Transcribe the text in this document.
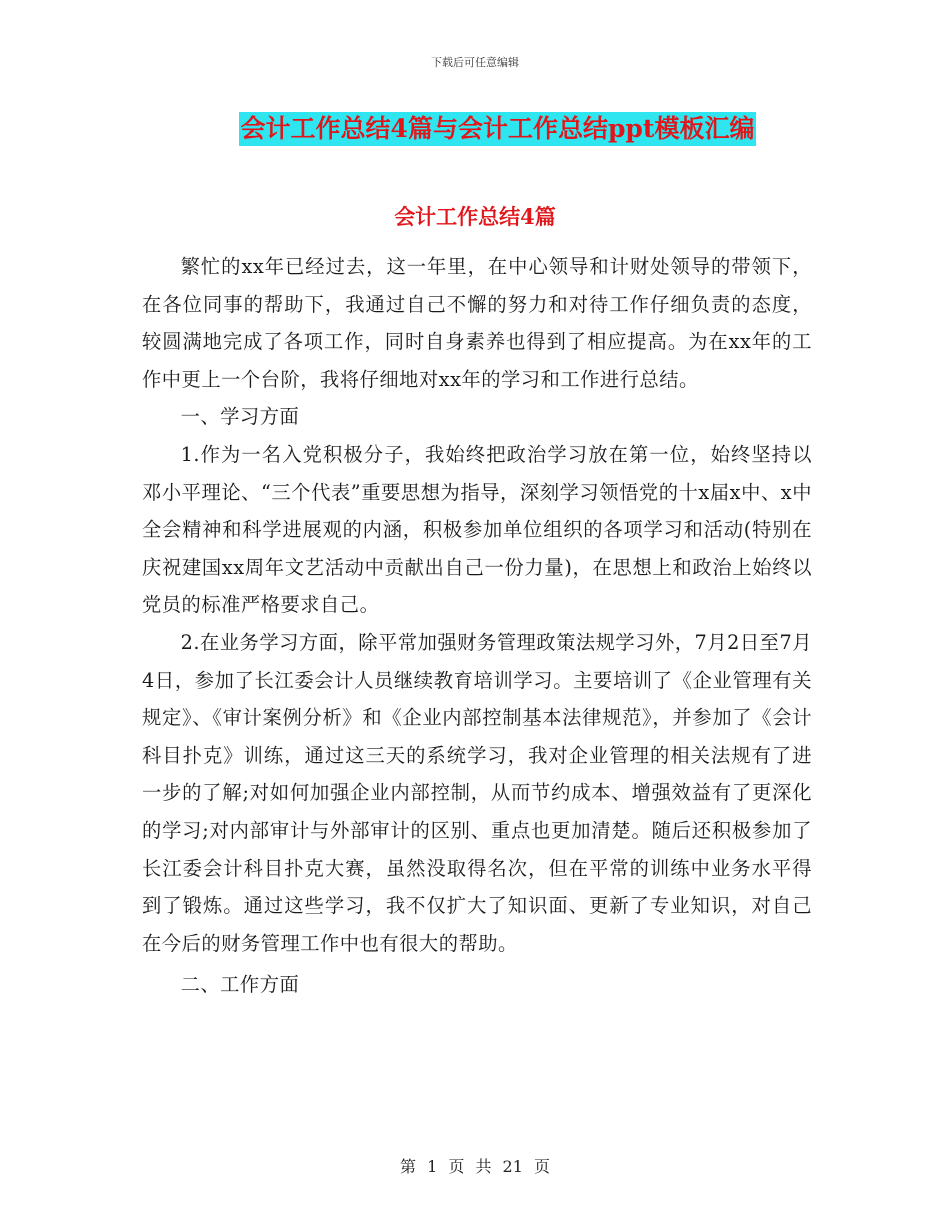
下载后可任意编辑
会计工作总结4篇与会计工作总结ppt模板汇编
会计工作总结4篇

繁忙的xx年已经过去，这一年里，在中心领导和计财处领导的带领下，在各位同事的帮助下，我通过自己不懈的努力和对待工作仔细负责的态度，较圆满地完成了各项工作，同时自身素养也得到了相应提高。为在xx年的工作中更上一个台阶，我将仔细地对xx年的学习和工作进行总结。

一、学习方面

1.作为一名入党积极分子，我始终把政治学习放在第一位，始终坚持以邓小平理论、“三个代表”重要思想为指导，深刻学习领悟党的十x届x中、x中全会精神和科学进展观的内涵，积极参加单位组织的各项学习和活动(特别在庆祝建国xx周年文艺活动中贡献出自己一份力量)，在思想上和政治上始终以党员的标准严格要求自己。

2.在业务学习方面，除平常加强财务管理政策法规学习外，7月2日至7月4日，参加了长江委会计人员继续教育培训学习。主要培训了《企业管理有关规定》、《审计案例分析》和《企业内部控制基本法律规范》，并参加了《会计科目扑克》训练，通过这三天的系统学习，我对企业管理的相关法规有了进一步的了解;对如何加强企业内部控制，从而节约成本、增强效益有了更深化的学习;对内部审计与外部审计的区别、重点也更加清楚。随后还积极参加了长江委会计科目扑克大赛，虽然没取得名次，但在平常的训练中业务水平得到了锻炼。通过这些学习，我不仅扩大了知识面、更新了专业知识，对自己在今后的财务管理工作中也有很大的帮助。

二、工作方面

第 1 页 共 21 页
